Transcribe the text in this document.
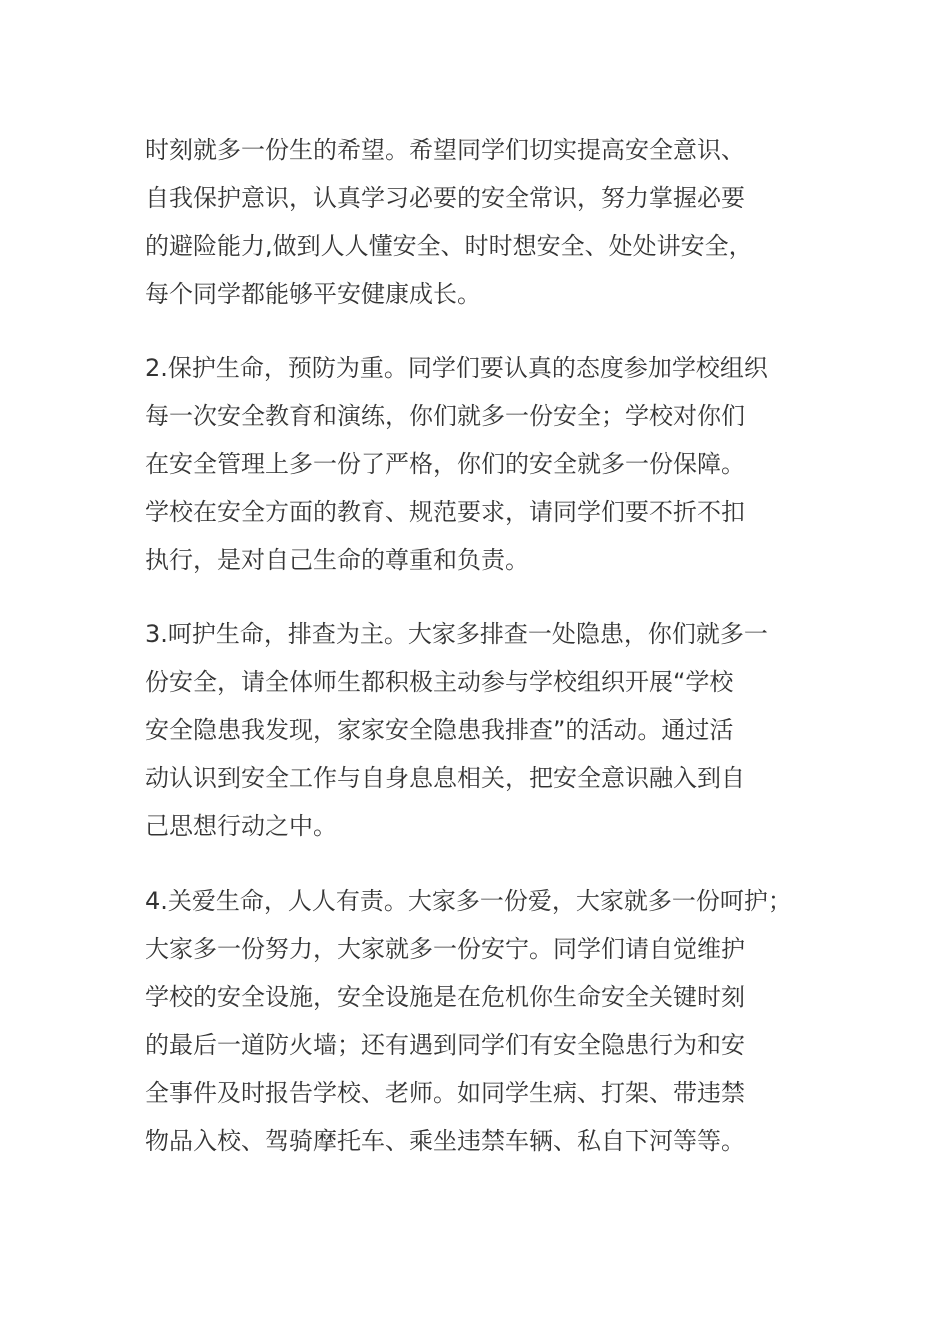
时刻就多一份生的希望。希望同学们切实提高安全意识、
自我保护意识，认真学习必要的安全常识，努力掌握必要
的避险能力,做到人人懂安全、时时想安全、处处讲安全，
每个同学都能够平安健康成长。
2.保护生命，预防为重。同学们要认真的态度参加学校组织
每一次安全教育和演练，你们就多一份安全；学校对你们
在安全管理上多一份了严格，你们的安全就多一份保障。
学校在安全方面的教育、规范要求，请同学们要不折不扣
执行，是对自己生命的尊重和负责。
3.呵护生命，排查为主。大家多排查一处隐患，你们就多一
份安全，请全体师生都积极主动参与学校组织开展“学校
安全隐患我发现，家家安全隐患我排查”的活动。通过活
动认识到安全工作与自身息息相关，把安全意识融入到自
己思想行动之中。
4.关爱生命，人人有责。大家多一份爱，大家就多一份呵护；
大家多一份努力，大家就多一份安宁。同学们请自觉维护
学校的安全设施，安全设施是在危机你生命安全关键时刻
的最后一道防火墙；还有遇到同学们有安全隐患行为和安
全事件及时报告学校、老师。如同学生病、打架、带违禁
物品入校、驾骑摩托车、乘坐违禁车辆、私自下河等等。
